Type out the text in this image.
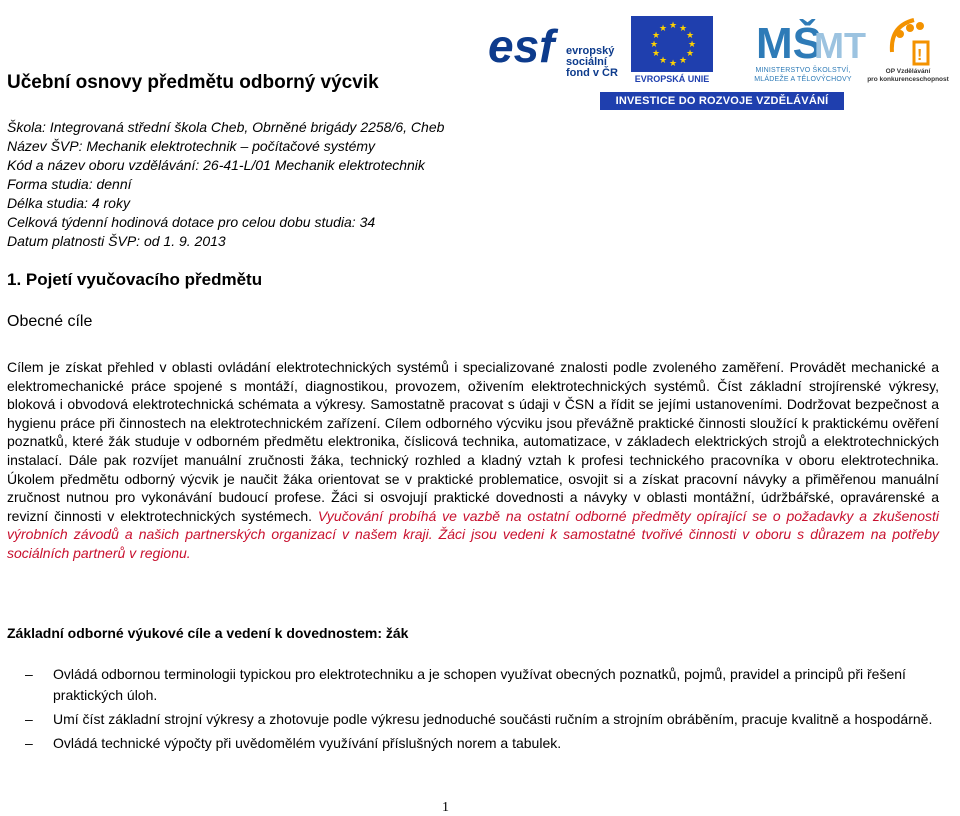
esf	evropský
sociální
fond v ČR
★ ★
★
★
★
★
★
★
★
★
★
★
EVROPSKÁ UNIE
MŠ
MT
MINISTERSTVO ŠKOLSTVÍ,
MLÁDEŽE A TĚLOVÝCHOVY
!
OP Vzdělávání
pro konkurenceschopnost
INVESTICE DO ROZVOJE VZDĚLÁVÁNÍ
Učební osnovy předmětu odborný výcvik
Škola: Integrovaná střední škola Cheb, Obrněné brigády 2258/6, Cheb
Název ŠVP: Mechanik elektrotechnik – počítačové systémy
Kód a název oboru vzdělávání: 26-41-L/01 Mechanik elektrotechnik
Forma studia: denní
Délka studia: 4 roky
Celková týdenní hodinová dotace pro celou dobu studia: 34
Datum platnosti ŠVP: od 1. 9. 2013
1. Pojetí vyučovacího předmětu
Obecné cíle
Cílem je získat přehled v oblasti ovládání elektrotechnických systémů i specializované znalosti podle zvoleného zaměření. Provádět mechanické a elektromechanické práce spojené s montáží, diagnostikou, provozem, oživením elektrotechnických systémů. Číst základní strojírenské výkresy, bloková i obvodová elektrotechnická schémata a výkresy. Samostatně pracovat s údaji v ČSN a řídit se jejími ustanoveními. Dodržovat bezpečnost a hygienu práce při činnostech na elektrotechnickém zařízení. Cílem odborného výcviku jsou převážně praktické činnosti sloužící k praktickému ověření poznatků, které žák studuje v odborném předmětu elektronika, číslicová technika, automatizace, v základech elektrických strojů a elektrotechnických instalací. Dále pak rozvíjet manuální zručnosti žáka, technický rozhled a kladný vztah k profesi technického pracovníka v oboru elektrotechnika. Úkolem předmětu odborný výcvik je naučit žáka orientovat se v praktické problematice, osvojit si a získat pracovní návyky a přiměřenou manuální zručnost nutnou pro vykonávání budoucí profese. Žáci si osvojují praktické dovednosti a návyky v oblasti montážní, údržbářské, opravárenské a revizní činnosti v elektrotechnických systémech. Vyučování probíhá ve vazbě na ostatní odborné předměty opírající se o požadavky a zkušenosti výrobních závodů a našich partnerských organizací v našem kraji. Žáci jsou vedeni k samostatné tvořivé činnosti v oboru s důrazem na potřeby sociálních partnerů v regionu.
Základní odborné výukové cíle a vedení k dovednostem: žák
– Ovládá odbornou terminologii typickou pro elektrotechniku a je schopen využívat obecných poznatků, pojmů, pravidel a principů při řešení praktických úloh.
– Umí číst základní strojní výkresy a zhotovuje podle výkresu jednoduché součásti ručním a strojním obráběním, pracuje kvalitně a hospodárně.
– Ovládá technické výpočty při uvědomělém využívání příslušných norem a tabulek.
1
